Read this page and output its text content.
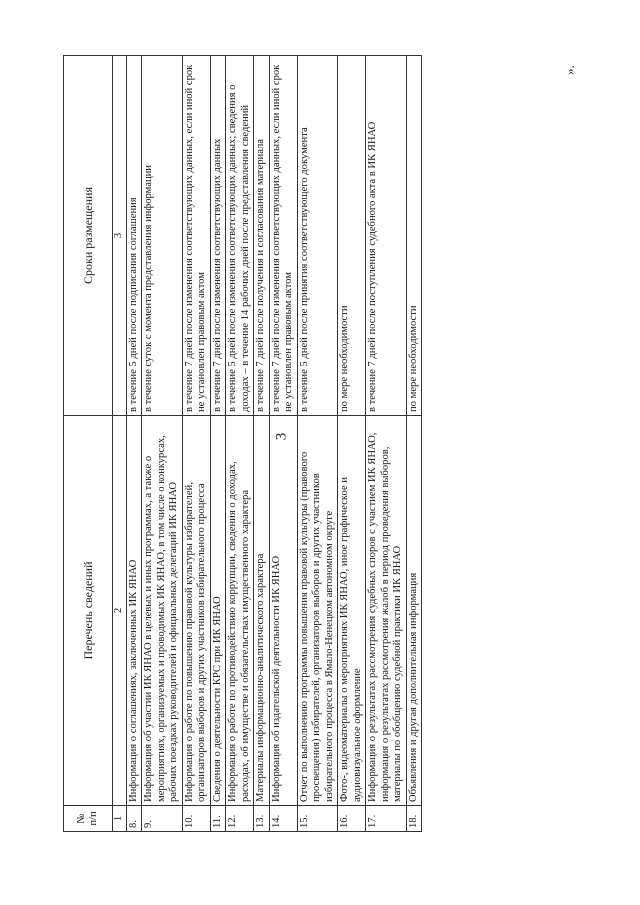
3
».
№ п/п	Перечень сведений	Сроки размещения
1	2	3
8.	Информация о соглашениях, заключенных ИК ЯНАО	в течение 5 дней после подписания соглашения
9.	Информация об участии ИК ЯНАО в целевых и иных программах, а также о мероприятиях, организуемых и проводимых ИК ЯНАО, в том числе о конкурсах, рабочих поездках руководителей и официальных делегаций ИК ЯНАО	в течение суток с момента представления информации
10.	Информация о работе по повышению правовой культуры избирателей, организаторов выборов и других участников избирательного процесса	в течение 7 дней после изменения соответствующих данных, если иной срок не установлен правовым актом
11.	Сведения о деятельности КРС при ИК ЯНАО	в течение 7 дней после изменения соответствующих данных
12.	Информация о работе по противодействию коррупции, сведения о доходах, расходах, об имуществе и обязательствах имущественного характера	в течение 5 дней после изменения соответствующих данных; сведения о доходах – в течение 14 рабочих дней после представления сведений
13.	Материалы информационно-аналитического характера	в течение 7 дней после получения и согласования материала
14.	Информация об издательской деятельности ИК ЯНАО	в течение 7 дней после изменения соответствующих данных, если иной срок не установлен правовым актом
15.	Отчет по выполнению программы повышения правовой культуры (правового просвещения) избирателей, организаторов выборов и других участников избирательного процесса в Ямало-Ненецком автономном округе	в течение 5 дней после принятия соответствующего документа
16.	Фото-, видеоматериалы о мероприятиях ИК ЯНАО, иное графическое и аудиовизуальное оформление	по мере необходимости
17.	Информация о результатах рассмотрения судебных споров с участием ИК ЯНАО, информация о результатах рассмотрения жалоб в период проведения выборов, материалы по обобщению судебной практики ИК ЯНАО	в течение 7 дней после поступления судебного акта в ИК ЯНАО
18.	Объявления и другая дополнительная информация	по мере необходимости
